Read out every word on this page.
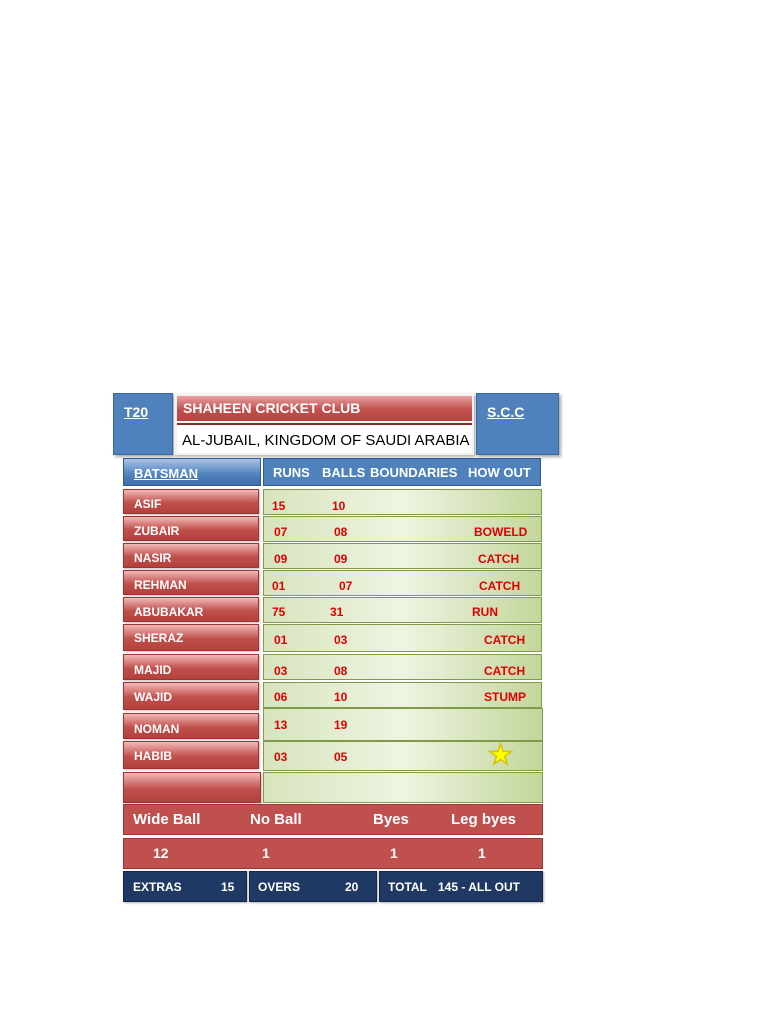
T20	SHAHEEN CRICKET CLUB
AL-JUBAIL, KINGDOM OF SAUDI ARABIA
S.C.C
BATSMAN	RUNS BALLS BOUNDARIES HOW OUT
ASIF	15	10
ZUBAIR	07	08	BOWELD
NASIR	09	09	CATCH
REHMAN	01	07	CATCH
ABUBAKAR	75	31	RUN
SHERAZ	01	03	CATCH
MAJID	03	08	CATCH
WAJID	06	10	STUMP
NOMAN	13	19
HABIB	03	05	★
Wide Ball	No Ball	Byes	Leg byes
12	1	1	1
EXTRAS	15 OVERS	20 TOTAL 145 - ALL OUT
